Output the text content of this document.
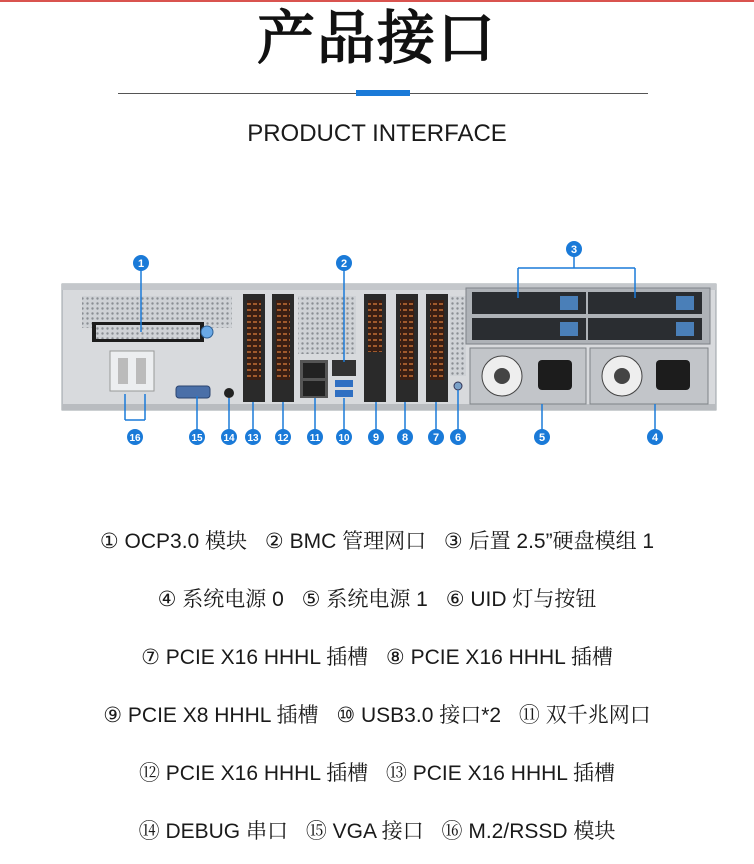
产品接口
PRODUCT INTERFACE
1	2
3
4
5
6
7
8
9
10
11
12
13
14
15
16
① OCP3.0 模块 ② BMC 管理网口 ③ 后置 2.5”硬盘模组 1
④ 系统电源 0 ⑤ 系统电源 1 ⑥ UID 灯与按钮
⑦ PCIE X16 HHHL 插槽 ⑧ PCIE X16 HHHL 插槽
⑨ PCIE X8 HHHL 插槽 ⑩ USB3.0 接口*2 ⑪ 双千兆网口
⑫ PCIE X16 HHHL 插槽 ⑬ PCIE X16 HHHL 插槽
⑭ DEBUG 串口 ⑮ VGA 接口 ⑯ M.2/RSSD 模块
